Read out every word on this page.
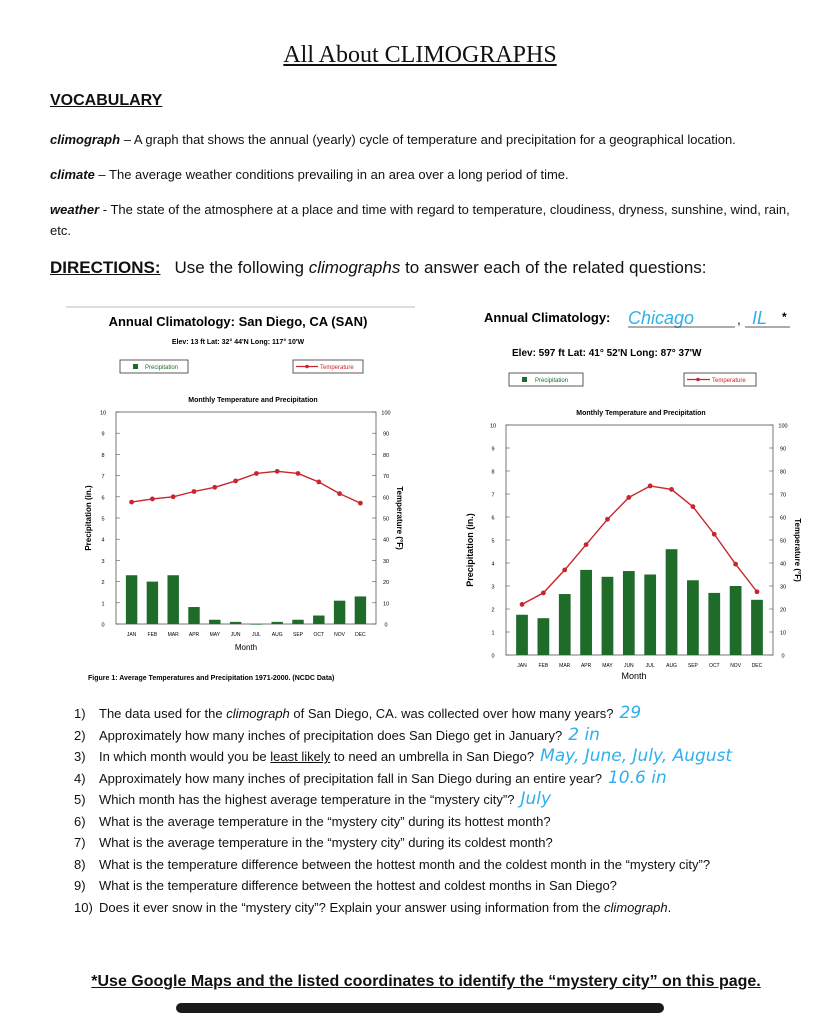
All About CLIMOGRAPHS
VOCABULARY
climograph – A graph that shows the annual (yearly) cycle of temperature and precipitation for a geographical location.
climate – The average weather conditions prevailing in an area over a long period of time.
weather - The state of the atmosphere at a place and time with regard to temperature, cloudiness, dryness, sunshine, wind, rain, etc.
DIRECTIONS: Use the following climographs to answer each of the related questions:
Annual Climatology: San Diego, CA (SAN)
Elev: 13 ft Lat: 32° 44'N Long: 117° 10'W
Precipitation	Temperature
Monthly Temperature and Precipitation
0
1
2
3
4
5
6
7
8
9
10
0
10
20
30
40
50
60
70
80
90
100
JAN FEB MAR APR MAY JUN JUL AUG SEP OCT NOV DEC
Precipitation (in.)	Temperature (°F)
Month
Figure 1: Average Temperatures and Precipitation 1971-2000. (NCDC Data)
Annual Climatology: Chicago	, IL *
Elev: 597 ft Lat: 41° 52'N Long: 87° 37'W
Precipitation	Temperature
Monthly Temperature and Precipitation
0
1
2
3
4
5
6
7
8
9
10
0
10
20
30
40
50
60
70
80
90
100
JAN FEB MAR APR MAY JUN JUL AUG SEP OCT NOV DEC
Precipitation (in.)	Temperature (°F)
Month
1) The data used for the climograph of San Diego, CA. was collected over how many years? 29
2) Approximately how many inches of precipitation does San Diego get in January? 2 in
3) In which month would you be least likely to need an umbrella in San Diego? May, June, July, August
4) Approximately how many inches of precipitation fall in San Diego during an entire year? 10.6 in
5) Which month has the highest average temperature in the “mystery city”? July
6) What is the average temperature in the “mystery city” during its hottest month?
7) What is the average temperature in the “mystery city” during its coldest month?
8) What is the temperature difference between the hottest month and the coldest month in the “mystery city”?
9) What is the temperature difference between the hottest and coldest months in San Diego?
10) Does it ever snow in the “mystery city”? Explain your answer using information from the climograph.
*Use Google Maps and the listed coordinates to identify the “mystery city” on this page.
